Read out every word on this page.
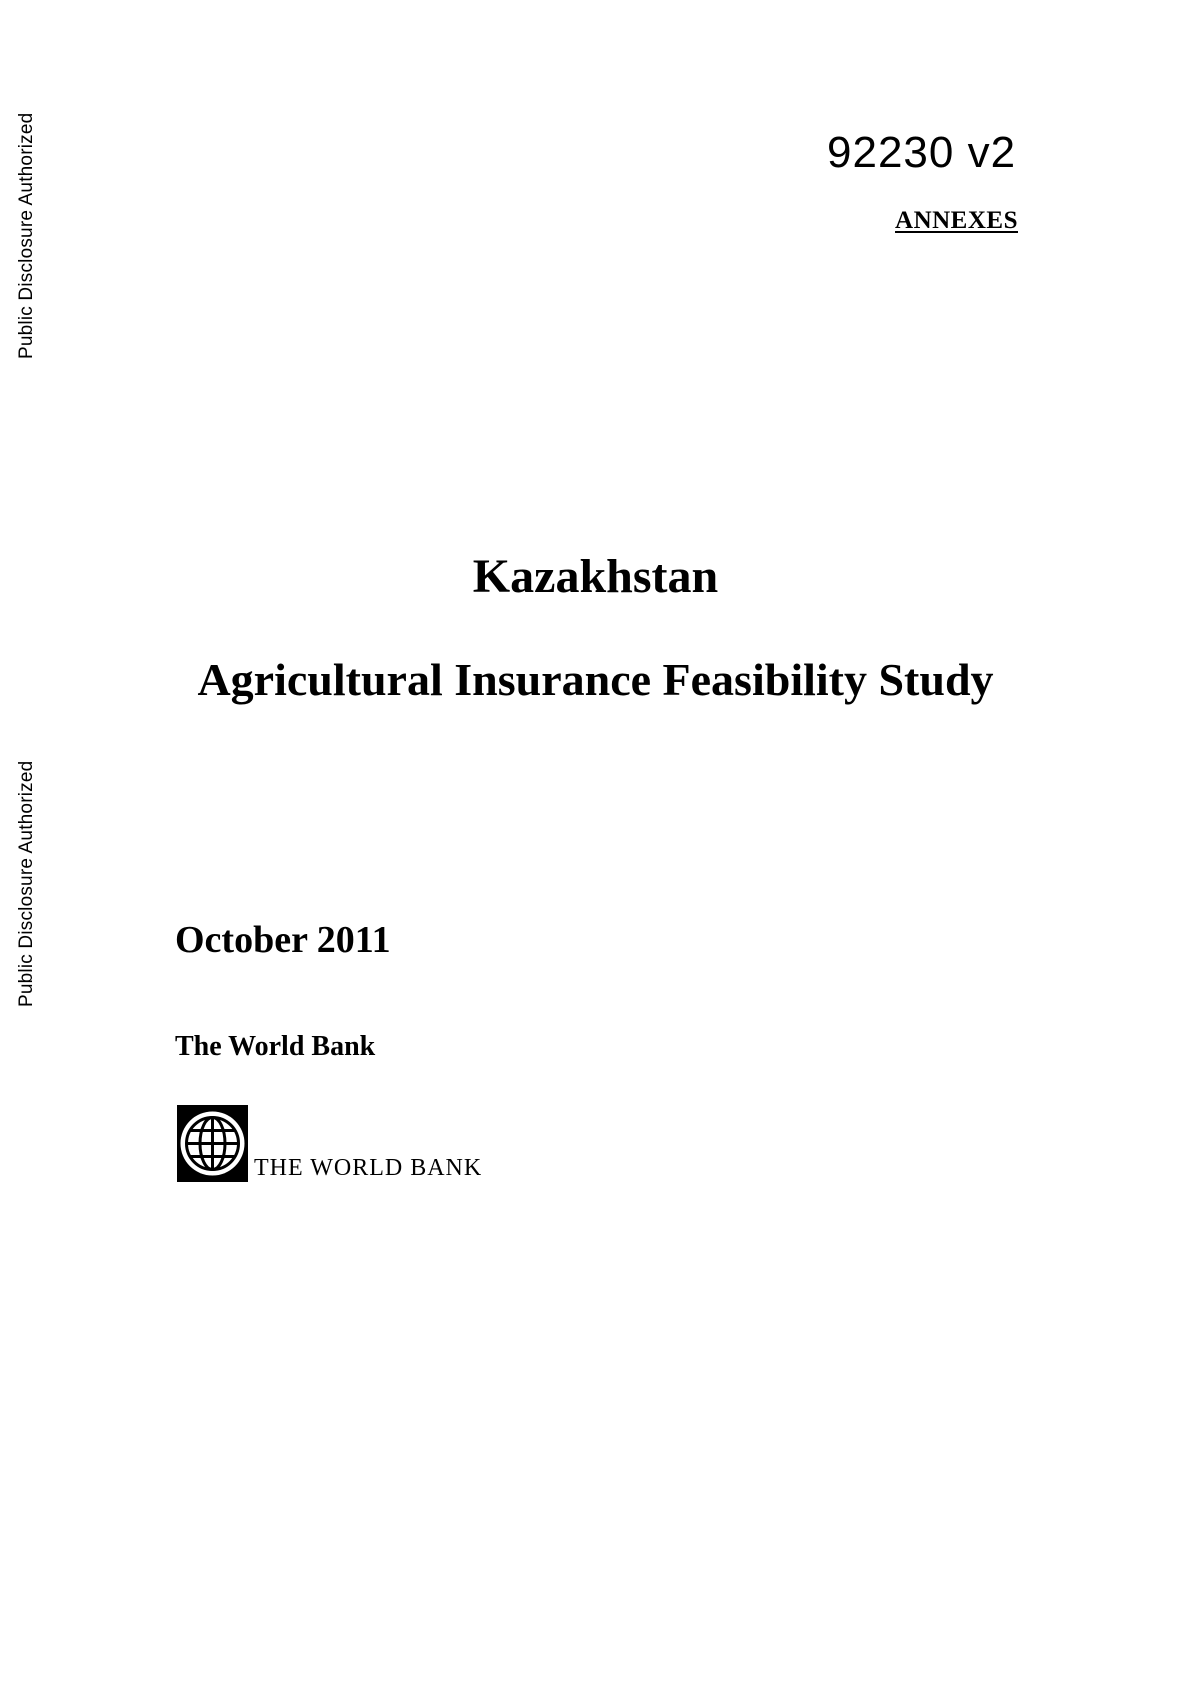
Public Disclosure Authorized
Public Disclosure Authorized
92230 v2
ANNEXES
Kazakhstan
Agricultural Insurance Feasibility Study
October 2011
The World Bank
THE WORLD BANK
